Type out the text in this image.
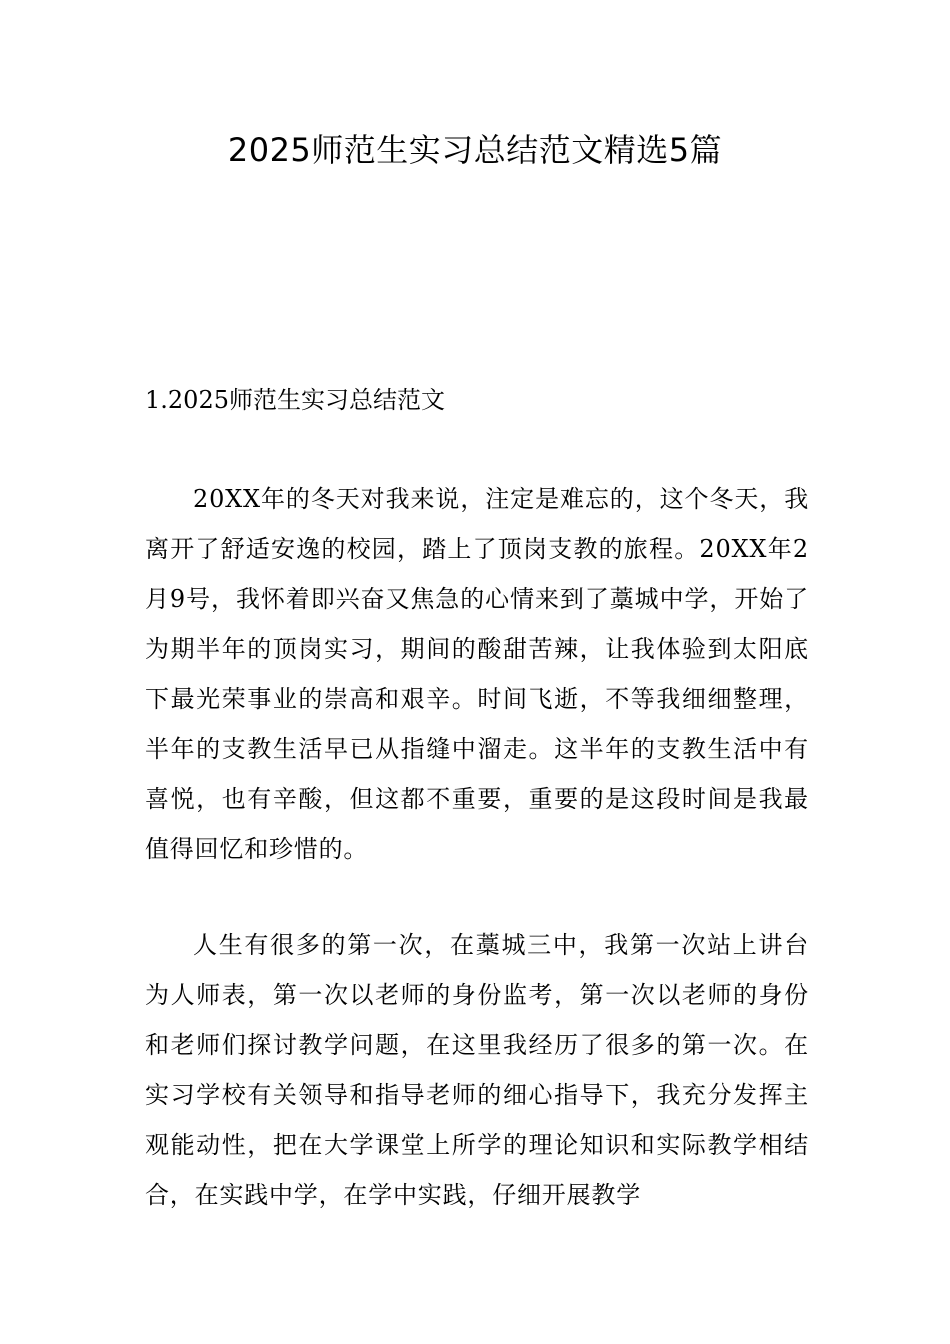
2025师范生实习总结范文精选5篇
1.2025师范生实习总结范文

20XX年的冬天对我来说，注定是难忘的，这个冬天，我离开了舒适安逸的校园，踏上了顶岗支教的旅程。20XX年2月9号，我怀着即兴奋又焦急的心情来到了藁城中学，开始了为期半年的顶岗实习，期间的酸甜苦辣，让我体验到太阳底下最光荣事业的崇高和艰辛。时间飞逝，不等我细细整理，半年的支教生活早已从指缝中溜走。这半年的支教生活中有喜悦，也有辛酸，但这都不重要，重要的是这段时间是我最值得回忆和珍惜的。

人生有很多的第一次，在藁城三中，我第一次站上讲台为人师表，第一次以老师的身份监考，第一次以老师的身份和老师们探讨教学问题，在这里我经历了很多的第一次。在实习学校有关领导和指导老师的细心指导下，我充分发挥主观能动性，把在大学课堂上所学的理论知识和实际教学相结合，在实践中学，在学中实践，仔细开展教学
